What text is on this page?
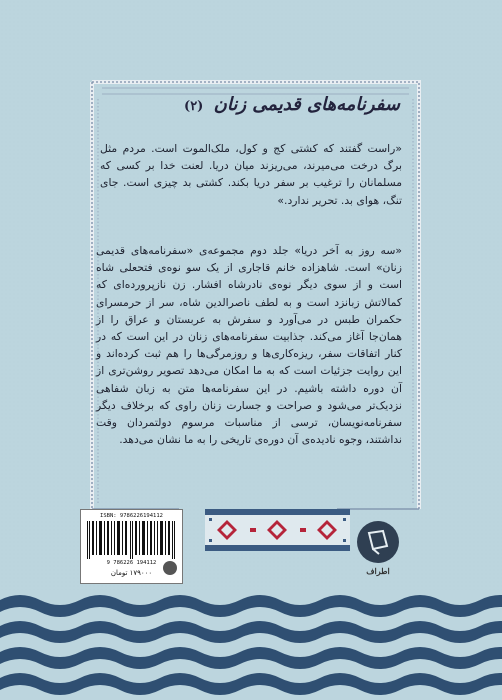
سفرنامه‌های قدیمی زنان (۲)
«راست گفتند که کشتی کج و کول، ملک‌الموت است. مردم مثل برگ درخت می‌میرند، می‌ریزند میان دریا. لعنت خدا بر کسی که مسلمانان را ترغیب بر سفر دریا بکند. کشتی بد چیزی است. جای تنگ، هوای بد. تحریر ندارد.»
«سه روز به آخر دریا» جلد دوم مجموعه‌ی «سفرنامه‌های قدیمی زنان» است. شاهزاده خانم قاجاری از یک سو نوه‌ی فتحعلی شاه است و از سوی دیگر نوه‌ی نادرشاه افشار. زن نازپرورده‌ای که کمالاتش زبانزد است و به لطف ناصرالدین شاه، سر از حرمسرای حکمران طبس در می‌آورد و سفرش به عربستان و عراق را از همان‌جا آغاز می‌کند. جذابیت سفرنامه‌های زنان در این است که در کنار اتفاقات سفر، ریزه‌کاری‌ها و روزمرگی‌ها را هم ثبت کرده‌اند و این روایت جزئیات است که به ما امکان می‌دهد تصویر روشن‌تری از آن دوره داشته باشیم. در این سفرنامه‌ها متن به زبان شفاهی نزدیک‌تر می‌شود و صراحت و جسارت زنان راوی که برخلاف دیگر سفرنامه‌نویسان، ترسی از مناسبات مرسوم دولتمردان وقت نداشتند، وجوه نادیده‌ی آن دوره‌ی تاریخی را به ما نشان می‌دهد.
اطراف
ISBN: 9786226194112
9 786226 194112
۱۷۹۰۰۰ تومان
